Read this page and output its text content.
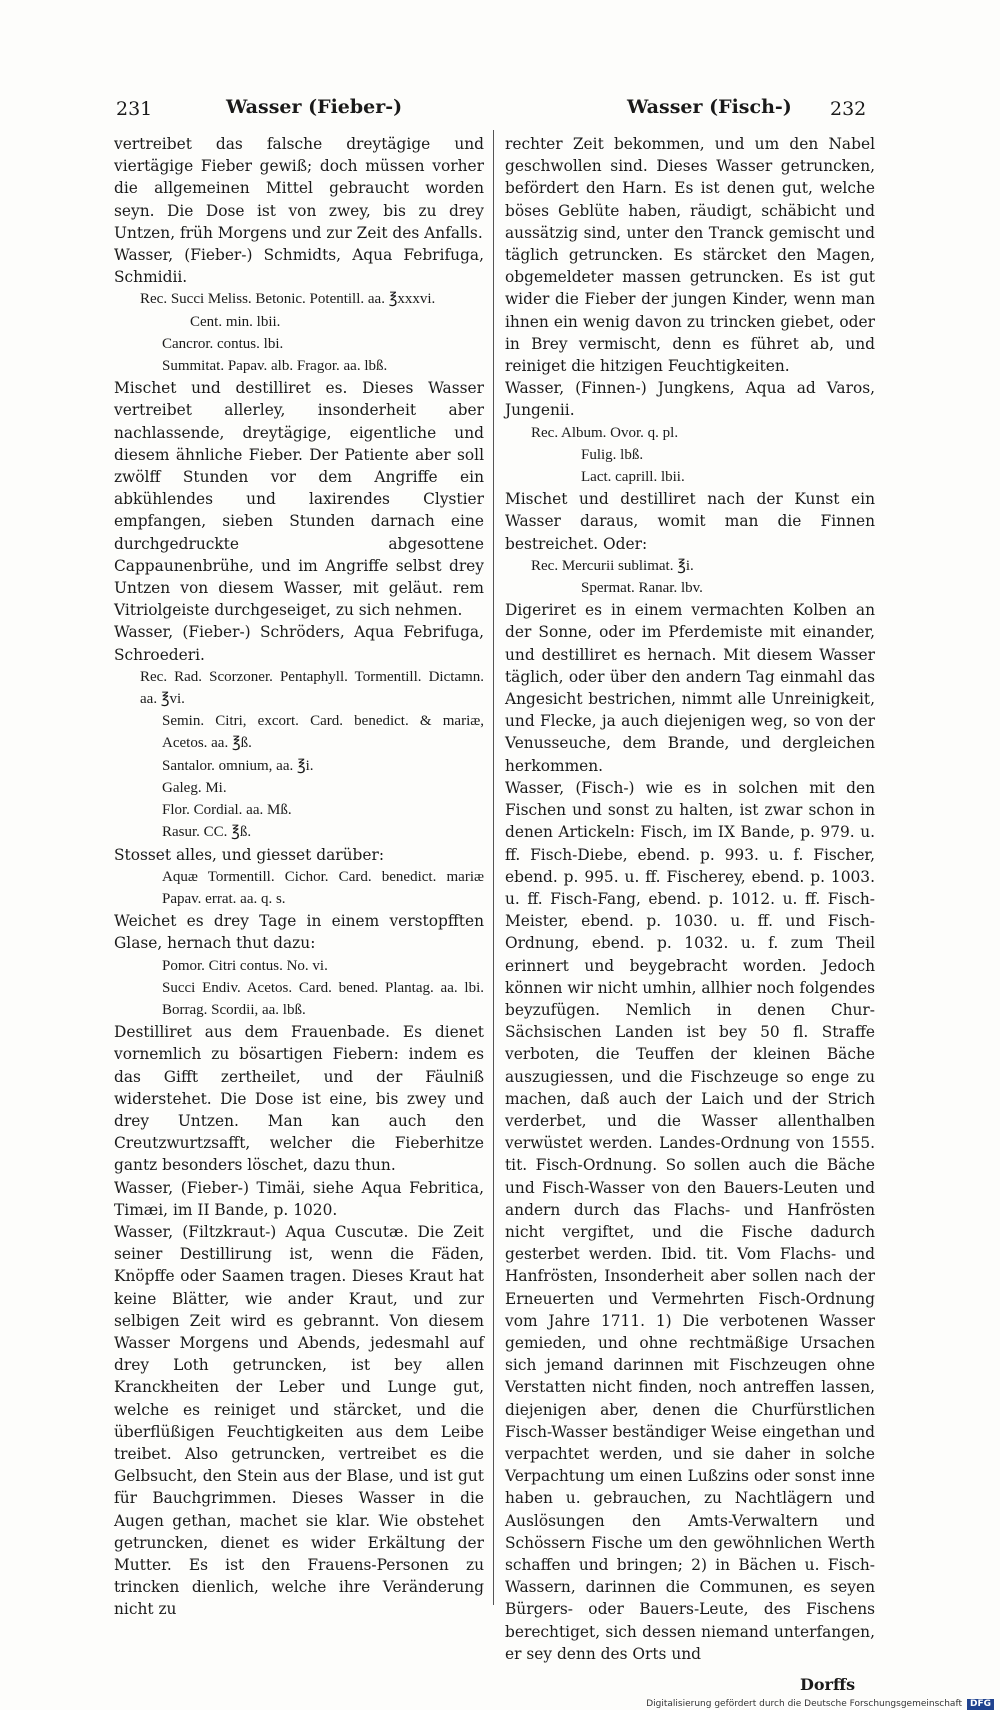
231	Wasser (Fieber-)	Wasser (Fisch-) 232

vertreibet das falsche dreytägige und viertägige Fieber gewiß; doch müssen vorher die allgemeinen Mittel gebraucht worden seyn. Die Dose ist von zwey, bis zu drey Untzen, früh Morgens und zur Zeit des Anfalls.

Wasser, (Fieber-) Schmidts, Aqua Febrifuga, Schmidii.

Rec. Succi Meliss. Betonic. Potentill. aa. ℥xxxvi.

Cent. min. lbii.

Cancror. contus. lbi.

Summitat. Papav. alb. Fragor. aa. lbß.

Mischet und destilliret es. Dieses Wasser vertreibet allerley, insonderheit aber nachlassende, dreytägige, eigentliche und diesem ähnliche Fieber. Der Patiente aber soll zwölff Stunden vor dem Angriffe ein abkühlendes und laxirendes Clystier empfangen, sieben Stunden darnach eine durchgedruckte abgesottene Cappaunenbrühe, und im Angriffe selbst drey Untzen von diesem Wasser, mit geläut. rem Vitriolgeiste durchgeseiget, zu sich nehmen.

Wasser, (Fieber-) Schröders, Aqua Febrifuga, Schroederi.

Rec. Rad. Scorzoner. Pentaphyll. Tormentill. Dictamn. aa. ℥vi.

Semin. Citri, excort. Card. benedict. & mariæ, Acetos. aa. ℥ß.

Santalor. omnium, aa. ℥i.

Galeg. Mi.

Flor. Cordial. aa. Mß.

Rasur. CC. ℥ß.

Stosset alles, und giesset darüber:

Aquæ Tormentill. Cichor. Card. benedict. mariæ Papav. errat. aa. q. s.

Weichet es drey Tage in einem verstopfften Glase, hernach thut dazu:

Pomor. Citri contus. No. vi.

Succi Endiv. Acetos. Card. bened. Plantag. aa. lbi. Borrag. Scordii, aa. lbß.

Destilliret aus dem Frauenbade. Es dienet vornemlich zu bösartigen Fiebern: indem es das Gifft zertheilet, und der Fäulniß widerstehet. Die Dose ist eine, bis zwey und drey Untzen. Man kan auch den Creutzwurtzsafft, welcher die Fieberhitze gantz besonders löschet, dazu thun.

Wasser, (Fieber-) Timäi, siehe Aqua Febritica, Timæi, im II Bande, p. 1020.

Wasser, (Filtzkraut-) Aqua Cuscutæ. Die Zeit seiner Destillirung ist, wenn die Fäden, Knöpffe oder Saamen tragen. Dieses Kraut hat keine Blätter, wie ander Kraut, und zur selbigen Zeit wird es gebrannt. Von diesem Wasser Morgens und Abends, jedesmahl auf drey Loth getruncken, ist bey allen Kranckheiten der Leber und Lunge gut, welche es reiniget und stärcket, und die überflüßigen Feuchtigkeiten aus dem Leibe treibet. Also getruncken, vertreibet es die Gelbsucht, den Stein aus der Blase, und ist gut für Bauchgrimmen. Dieses Wasser in die Augen gethan, machet sie klar. Wie obstehet getruncken, dienet es wider Erkältung der Mutter. Es ist den Frauens-Personen zu trincken dienlich, welche ihre Veränderung nicht zu

rechter Zeit bekommen, und um den Nabel geschwollen sind. Dieses Wasser getruncken, befördert den Harn. Es ist denen gut, welche böses Geblüte haben, räudigt, schäbicht und aussätzig sind, unter den Tranck gemischt und täglich getruncken. Es stärcket den Magen, obgemeldeter massen getruncken. Es ist gut wider die Fieber der jungen Kinder, wenn man ihnen ein wenig davon zu trincken giebet, oder in Brey vermischt, denn es führet ab, und reiniget die hitzigen Feuchtigkeiten.

Wasser, (Finnen-) Jungkens, Aqua ad Varos, Jungenii.

Rec. Album. Ovor. q. pl.

Fulig. lbß.

Lact. caprill. lbii.

Mischet und destilliret nach der Kunst ein Wasser daraus, womit man die Finnen bestreichet. Oder:

Rec. Mercurii sublimat. ℥i.

Spermat. Ranar. lbv.

Digeriret es in einem vermachten Kolben an der Sonne, oder im Pferdemiste mit einander, und destilliret es hernach. Mit diesem Wasser täglich, oder über den andern Tag einmahl das Angesicht bestrichen, nimmt alle Unreinigkeit, und Flecke, ja auch diejenigen weg, so von der Venusseuche, dem Brande, und dergleichen herkommen.

Wasser, (Fisch-) wie es in solchen mit den Fischen und sonst zu halten, ist zwar schon in denen Artickeln: Fisch, im IX Bande, p. 979. u. ff. Fisch-Diebe, ebend. p. 993. u. f. Fischer, ebend. p. 995. u. ff. Fischerey, ebend. p. 1003. u. ff. Fisch-Fang, ebend. p. 1012. u. ff. Fisch-Meister, ebend. p. 1030. u. ff. und Fisch-Ordnung, ebend. p. 1032. u. f. zum Theil erinnert und beygebracht worden. Jedoch können wir nicht umhin, allhier noch folgendes beyzufügen. Nemlich in denen Chur-Sächsischen Landen ist bey 50 fl. Straffe verboten, die Teuffen der kleinen Bäche auszugiessen, und die Fischzeuge so enge zu machen, daß auch der Laich und der Strich verderbet, und die Wasser allenthalben verwüstet werden. Landes-Ordnung von 1555. tit. Fisch-Ordnung. So sollen auch die Bäche und Fisch-Wasser von den Bauers-Leuten und andern durch das Flachs- und Hanfrösten nicht vergiftet, und die Fische dadurch gesterbet werden. Ibid. tit. Vom Flachs- und Hanfrösten, Insonderheit aber sollen nach der Erneuerten und Vermehrten Fisch-Ordnung vom Jahre 1711. 1) Die verbotenen Wasser gemieden, und ohne rechtmäßige Ursachen sich jemand darinnen mit Fischzeugen ohne Verstatten nicht finden, noch antreffen lassen, diejenigen aber, denen die Churfürstlichen Fisch-Wasser beständiger Weise eingethan und verpachtet werden, und sie daher in solche Verpachtung um einen Lußzins oder sonst inne haben u. gebrauchen, zu Nachtlägern und Auslösungen den Amts-Verwaltern und Schössern Fische um den gewöhnlichen Werth schaffen und bringen; 2) in Bächen u. Fisch-Wassern, darinnen die Communen, es seyen Bürgers- oder Bauers-Leute, des Fischens berechtiget, sich dessen niemand unterfangen, er sey denn des Orts und

Dorffs
Digitalisierung gefördert durch die Deutsche Forschungsgemeinschaft DFG
